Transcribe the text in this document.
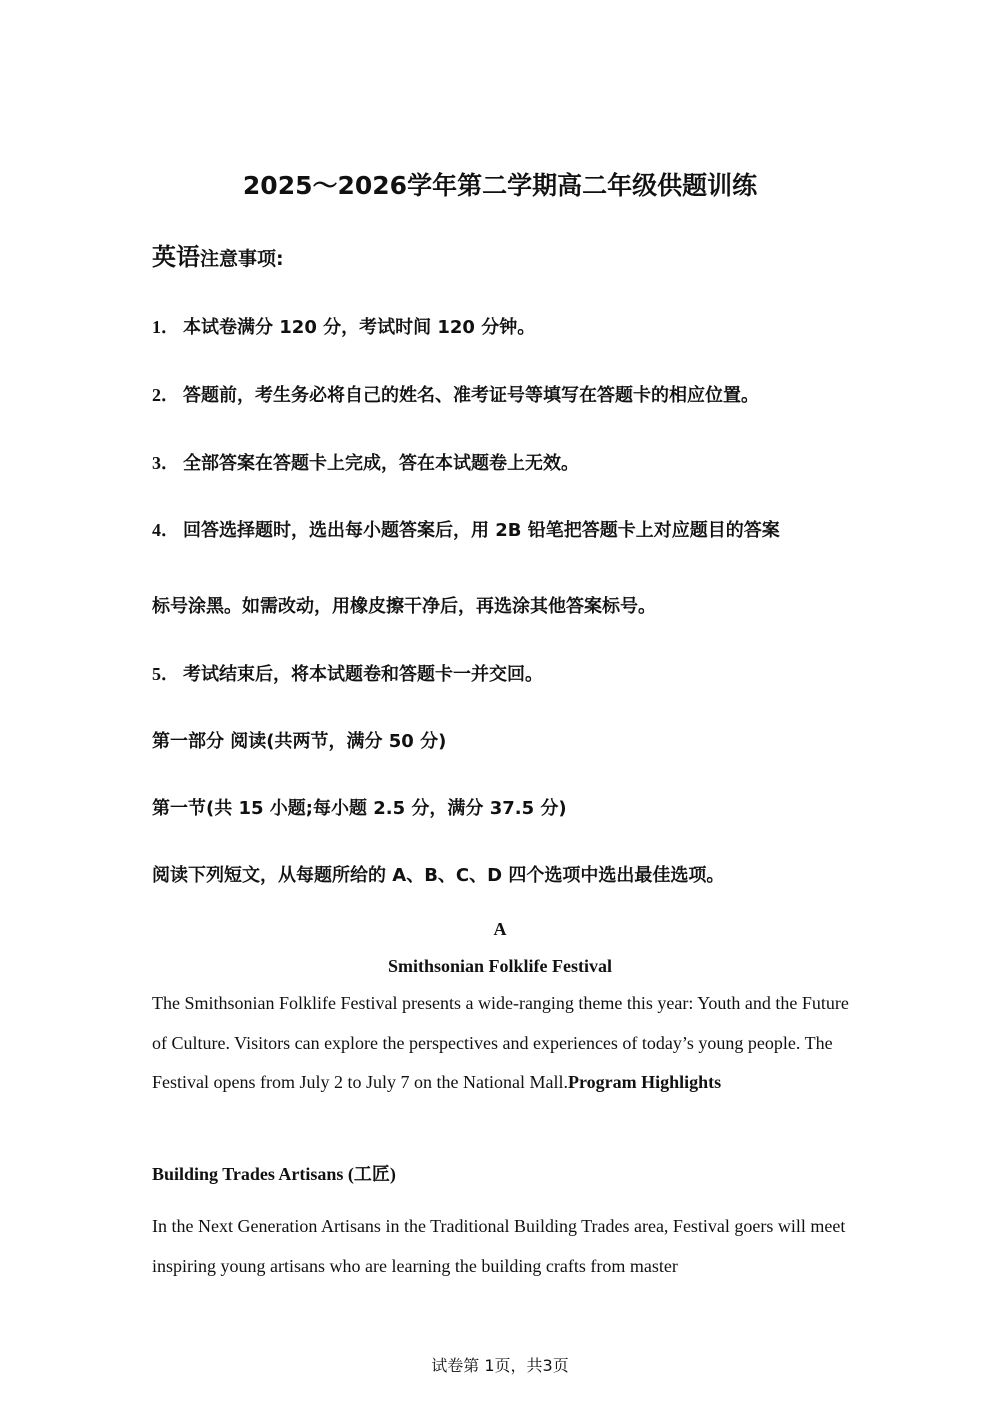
2025～2026学年第二学期高二年级供题训练
英语注意事项:
1． 本试卷满分 120 分，考试时间 120 分钟。
2． 答题前，考生务必将自己的姓名、准考证号等填写在答题卡的相应位置。
3． 全部答案在答题卡上完成，答在本试题卷上无效。
4． 回答选择题时，选出每小题答案后，用 2B 铅笔把答题卡上对应题目的答案
标号涂黑。如需改动，用橡皮擦干净后，再选涂其他答案标号。
5． 考试结束后，将本试题卷和答题卡一并交回。
第一部分 阅读(共两节，满分 50 分)
第一节(共 15 小题;每小题 2.5 分，满分 37.5 分)
阅读下列短文，从每题所给的 A、B、C、D 四个选项中选出最佳选项。
A
Smithsonian Folklife Festival
The Smithsonian Folklife Festival presents a wide-ranging theme this year: Youth and the Future of Culture. Visitors can explore the perspectives and experiences of today’s young people. The Festival opens from July 2 to July 7 on the National Mall.Program Highlights
Building Trades Artisans (工匠)
In the Next Generation Artisans in the Traditional Building Trades area, Festival goers will meet inspiring young artisans who are learning the building crafts from master
试卷第 1页，共3页
